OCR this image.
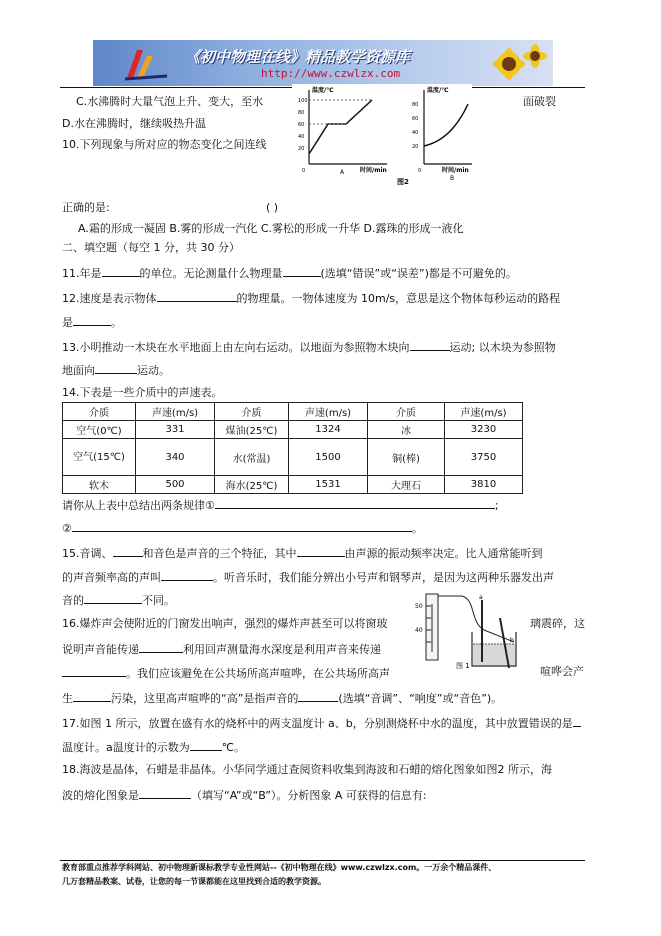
《初中物理在线》精品教学资源库
http://www.czwlzx.com
C.水沸腾时大量气泡上升、变大，至水	面破裂
D.水在沸腾时，继续吸热升温
10.下列现象与所对应的物态变化之间连线
温度/℃
100
80
60
40
20
0	时间/min
A
温度/℃
80
60
40
20
0	时间/min
B
图2
正确的是:	( )
A.霜的形成一凝固 B.雾的形成一汽化 C.雾松的形成一升华 D.露珠的形成一液化
二、填空题（每空 1 分，共 30 分）
11.年是	的单位。无论测量什么物理量	(选填“错误”或“误差”)都是不可避免的。
12.速度是表示物体	的物理量。一物体速度为 10m/s，意思是这个物体每秒运动的路程
是	。
13.小明推动一木块在水平地面上由左向右运动。以地面为参照物木块向	运动; 以木块为参照物
地面向	运动。
14.下表是一些介质中的声速表。
介质	声速(m/s)	介质	声速(m/s)	介质	声速(m/s)
空气(0℃)	331	煤油(25℃)	1324	冰	3230
空气(15℃)	340	水(常温)	1500	铜(棒)	3750
软木	500	海水(25℃)	1531	大理石	3810
请你从上表中总结出两条规律①	;
②	。
15.音调、	和音色是声音的三个特征，其中	由声源的振动频率决定。比人通常能听到
的声音频率高的声叫	。听音乐时，我们能分辨出小号声和钢琴声，是因为这两种乐器发出声
音的	不同。
16.爆炸声会使附近的门窗发出响声，强烈的爆炸声甚至可以将窗玻	璃震碎，这
说明声音能传递	利用回声测量海水深度是利用声音来传递
。我们应该避免在公共场所高声喧哗，在公共场所高声	喧哗会产
生	污染，这里高声喧哗的“高”是指声音的	(选填“音调”、“响度”或“音色”)。
50
40
a
b
图 1
17.如图 1 所示，放置在盛有水的烧杯中的两支温度计 a、b，分别测烧杯中水的温度，其中放置错误的是
温度计。a温度计的示数为	℃。
18.海波是晶体，石蜡是非晶体。小华同学通过查阅资料收集到海波和石蜡的熔化图象如图2 所示，海
波的熔化图象是	（填写“A”或“B”）。分析图象 A 可获得的信息有:
教育部重点推荐学科网站、初中物理新课标教学专业性网站--《初中物理在线》www.czwlzx.com。一万余个精品课件、
几万套精品教案、试卷，让您的每一节课都能在这里找到合适的教学资源。
